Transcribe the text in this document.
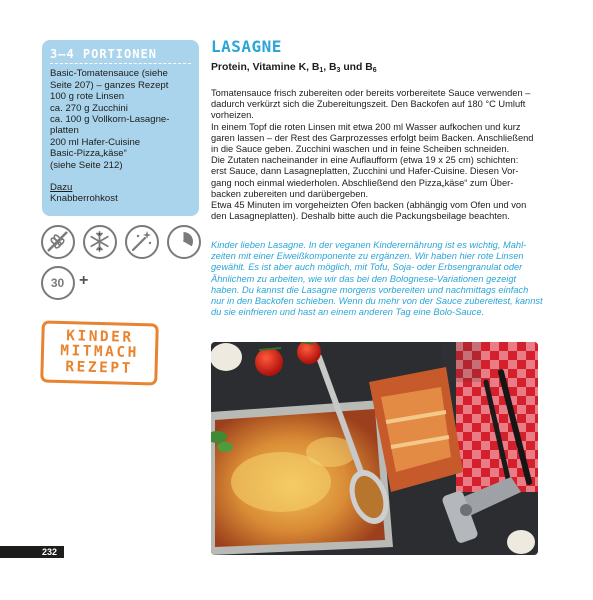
3–4 PORTIONEN
Basic-Tomatensauce (siehe
Seite 207) – ganzes Rezept
100 g rote Linsen
ca. 270 g Zucchini
ca. 100 g Vollkorn-Lasagne-
platten
200 ml Hafer-Cuisine
Basic-Pizza„käse“
(siehe Seite 212)
Dazu
Knabberrohkost
30 +
KINDER
MITMACH
REZEPT
LASAGNE
Protein, Vitamine K, $B_1$, $B_3$ und $B_6$
Tomatensauce frisch zubereiten oder bereits vorbereitete Sauce verwenden –
dadurch verkürzt sich die Zubereitungszeit. Den Backofen auf 180 °C Umluft
vorheizen.
In einem Topf die roten Linsen mit etwa 200 ml Wasser aufkochen und kurz
garen lassen – der Rest des Garprozesses erfolgt beim Backen. Anschließend
in die Sauce geben. Zucchini waschen und in feine Scheiben schneiden.
Die Zutaten nacheinander in eine Auflaufform (etwa 19 x 25 cm) schichten:
erst Sauce, dann Lasagneplatten, Zucchini und Hafer-Cuisine. Diesen Vor-
gang noch einmal wiederholen. Abschließend den Pizza„käse“ zum Über-
backen zubereiten und darübergeben.
Etwa 45 Minuten im vorgeheizten Ofen backen (abhängig vom Ofen und von
den Lasagneplatten). Deshalb bitte auch die Packungsbeilage beachten.
Kinder lieben Lasagne. In der veganen Kinderernährung ist es wichtig, Mahl-
zeiten mit einer Eiweißkomponente zu ergänzen. Wir haben hier rote Linsen
gewählt. Es ist aber auch möglich, mit Tofu, Soja- oder Erbsengranulat oder
Ähnlichem zu arbeiten, wie wir das bei den Bolognese-Variationen gezeigt
haben. Du kannst die Lasagne morgens vorbereiten und nachmittags einfach
nur in den Backofen schieben. Wenn du mehr von der Sauce zubereitest, kannst
du sie einfrieren und hast an einem anderen Tag eine Bolo-Sauce.
232
